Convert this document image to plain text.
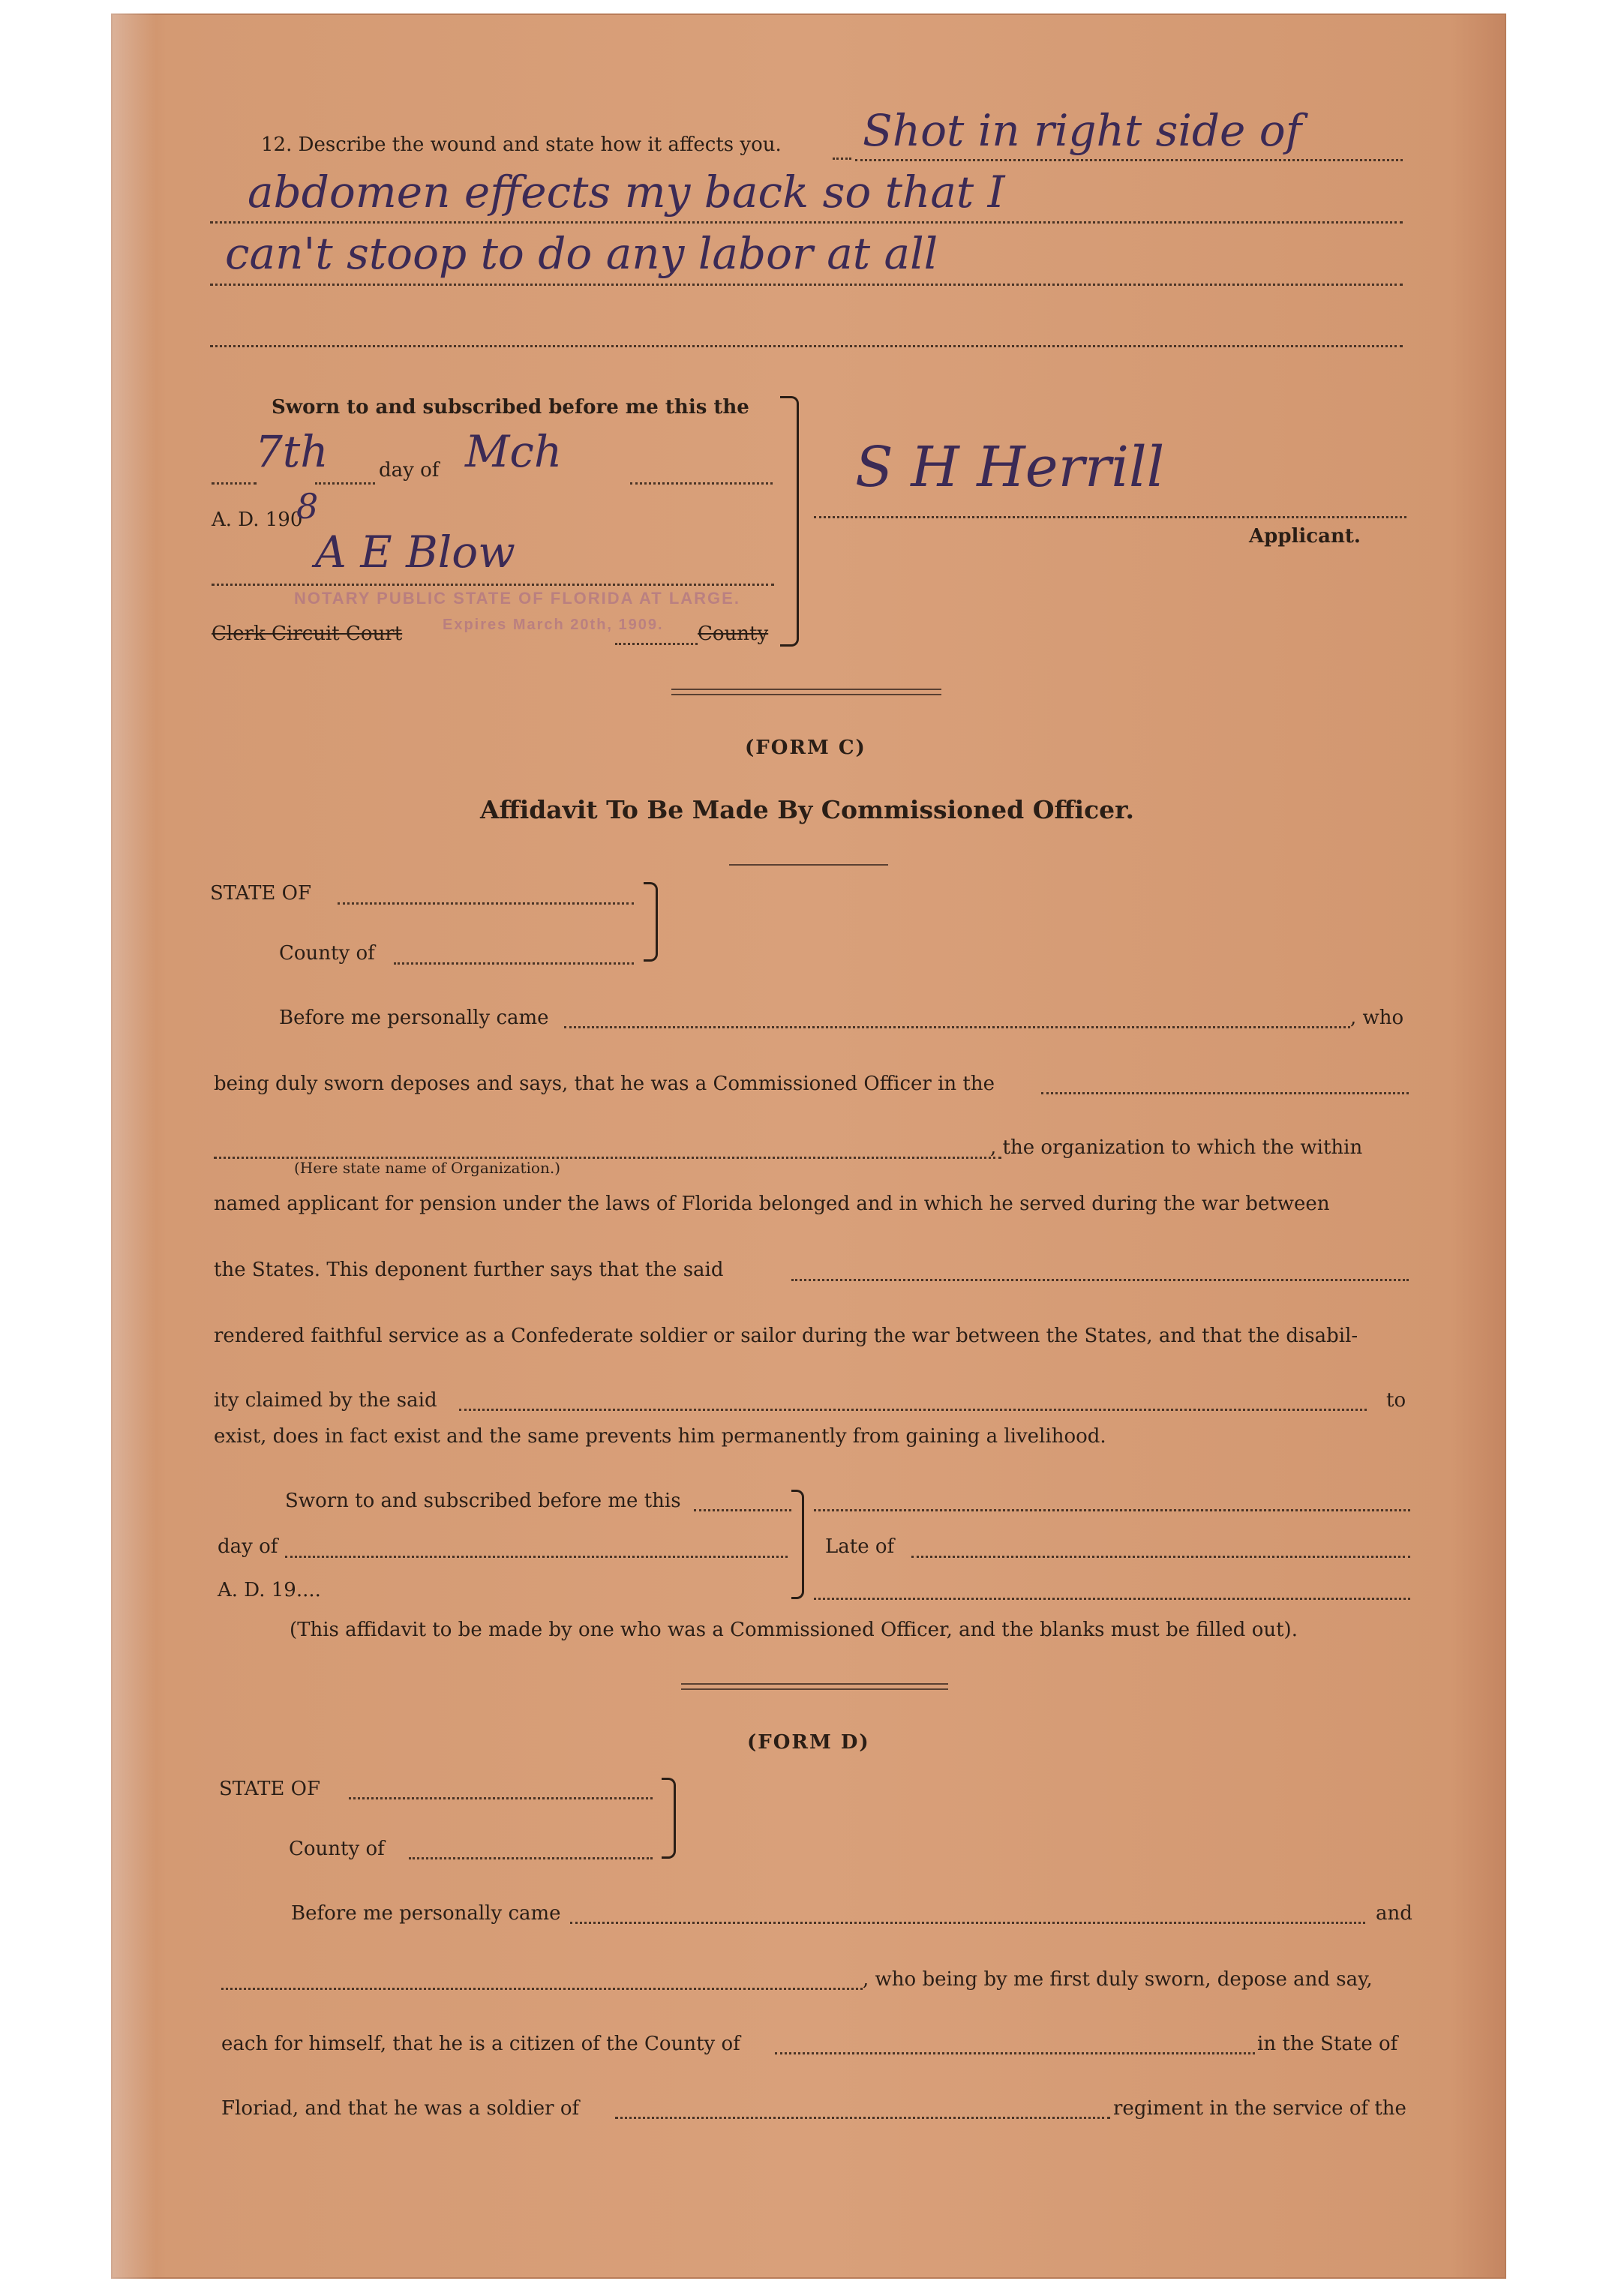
12. Describe the wound and state how it affects you. Shot in right side of
abdomen effects my back so that I
can't stoop to do any labor at all
Sworn to and subscribed before me this the
7th	day of Mch
A. D. 190
8
A E Blow
NOTARY PUBLIC STATE OF FLORIDA AT LARGE.
Clerk Circuit Court	Expires March 20th, 1909. County
S H Herrill
Applicant.
(FORM C)
Affidavit To Be Made By Commissioned Officer.
STATE OF
County of
Before me personally came	, who
being duly sworn deposes and says, that he was a Commissioned Officer in the
, the organization to which the within
(Here state name of Organization.)
named applicant for pension under the laws of Florida belonged and in which he served during the war between
the States. This deponent further says that the said
rendered faithful service as a Confederate soldier or sailor during the war between the States, and that the disabil-
ity claimed by the said	to
exist, does in fact exist and the same prevents him permanently from gaining a livelihood.
Sworn to and subscribed before me this
day of	Late of
A. D. 19....
(This affidavit to be made by one who was a Commissioned Officer, and the blanks must be filled out).
(FORM D)
STATE OF
County of
Before me personally came	and
, who being by me first duly sworn, depose and say,
each for himself, that he is a citizen of the County of	in the State of
Floriad, and that he was a soldier of	regiment in the service of the
